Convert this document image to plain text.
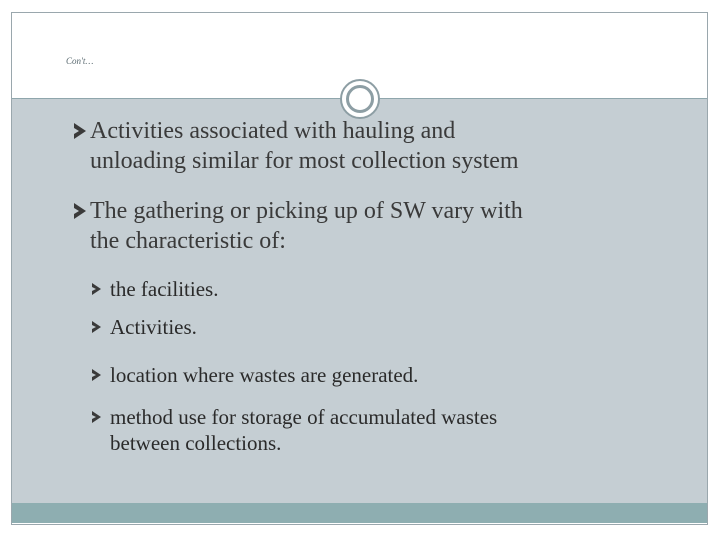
Con't…
Activities associated with hauling and
unloading similar for most collection system
The gathering or picking up of SW vary with
the characteristic of:
the facilities.
Activities.
location where wastes are generated.
method use for storage of accumulated wastes
between collections.
